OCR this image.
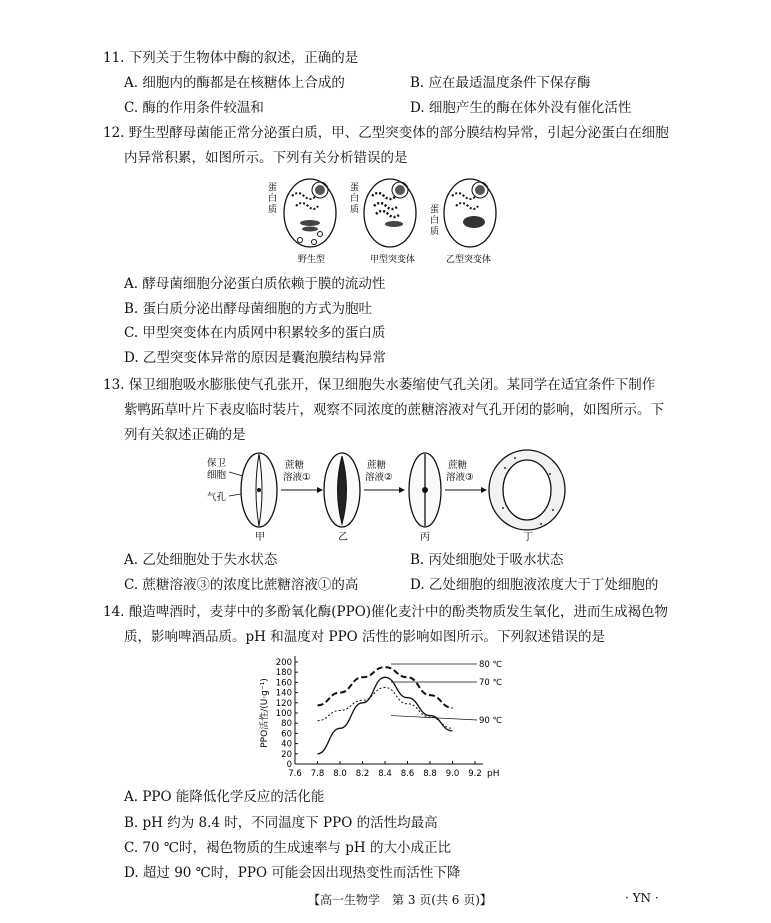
11. 下列关于生物体中酶的叙述，正确的是
A. 细胞内的酶都是在核糖体上合成的	B. 应在最适温度条件下保存酶
C. 酶的作用条件较温和	D. 细胞产生的酶在体外没有催化活性
12. 野生型酵母菌能正常分泌蛋白质，甲、乙型突变体的部分膜结构异常，引起分泌蛋白在细胞
内异常积累，如图所示。下列有关分析错误的是
蛋
白
质
野生型
蛋
白
质
甲型突变体
蛋
白
质
乙型突变体
A. 酵母菌细胞分泌蛋白质依赖于膜的流动性
B. 蛋白质分泌出酵母菌细胞的方式为胞吐
C. 甲型突变体在内质网中积累较多的蛋白质
D. 乙型突变体异常的原因是囊泡膜结构异常
13. 保卫细胞吸水膨胀使气孔张开，保卫细胞失水萎缩使气孔关闭。某同学在适宜条件下制作
紫鸭跖草叶片下表皮临时装片，观察不同浓度的蔗糖溶液对气孔开闭的影响，如图所示。下
列有关叙述正确的是
保卫
细胞
气孔
甲
蔗糖
溶液①
乙
蔗糖
溶液②
丙
蔗糖
溶液③
丁
A. 乙处细胞处于失水状态	B. 丙处细胞处于吸水状态
C. 蔗糖溶液③的浓度比蔗糖溶液①的高	D. 乙处细胞的细胞液浓度大于丁处细胞的
14. 酿造啤酒时，麦芽中的多酚氧化酶(PPO)催化麦汁中的酚类物质发生氧化，进而生成褐色物
质，影响啤酒品质。pH 和温度对 PPO 活性的影响如图所示。下列叙述错误的是
7.6 7.8 8.0 8.2 8.4 8.6 8.8 9.0 9.2 pH
0
20
40
60
80
100
120
140
160
180
200
PPO活性/(U·g⁻¹)
80 ℃
70 ℃
90 ℃
A. PPO 能降低化学反应的活化能
B. pH 约为 8.4 时，不同温度下 PPO 的活性均最高
C. 70 ℃时，褐色物质的生成速率与 pH 的大小成正比
D. 超过 90 ℃时，PPO 可能会因出现热变性而活性下降
【高一生物学　第 3 页(共 6 页)】	· YN ·
